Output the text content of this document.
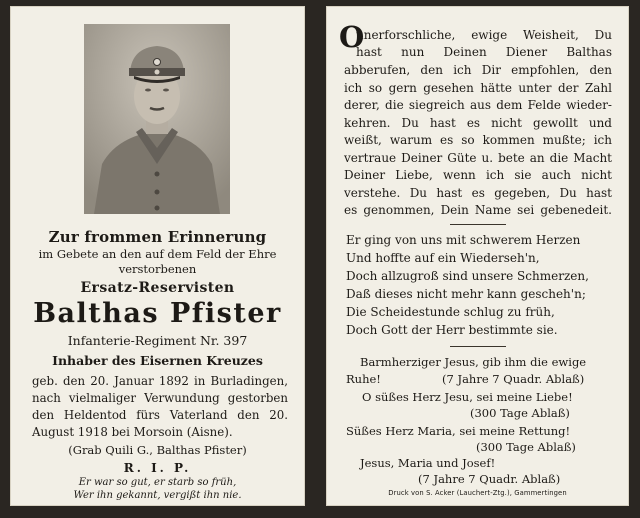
Zur frommen Erinnerung
im Gebete an den auf dem Feld der Ehre
verstorbenen
Ersatz-Reservisten
Balthas Pfister
Infanterie-Regiment Nr. 397
Inhaber des Eisernen Kreuzes
geb. den 20. Januar 1892 in Burladingen,
nach vielmaliger Verwundung gestorben
den Heldentod fürs Vaterland den 20.
August 1918 bei Morsoin (Aisne).
(Grab Quili G., Balthas Pfister)
R. I. P.
Er war so gut, er starb so früh,
Wer ihn gekannt, vergißt ihn nie.
O
unerforschliche, ewige Weisheit, Du
hast nun Deinen Diener Balthas
abberufen, den ich Dir empfohlen, den
ich so gern gesehen hätte unter der Zahl
derer, die siegreich aus dem Felde wieder-
kehren. Du hast es nicht gewollt und
weißt, warum es so kommen mußte; ich
vertraue Deiner Güte u. bete an die Macht
Deiner Liebe, wenn ich sie auch nicht
verstehe. Du hast es gegeben, Du hast
es genommen, Dein Name sei gebenedeit.
Er ging von uns mit schwerem Herzen
Und hoffte auf ein Wiederseh'n,
Doch allzugroß sind unsere Schmerzen,
Daß dieses nicht mehr kann gescheh'n;
Die Scheidestunde schlug zu früh,
Doch Gott der Herr bestimmte sie.
Barmherziger Jesus, gib ihm die ewige
Ruhe!	(7 Jahre 7 Quadr. Ablaß)
O süßes Herz Jesu, sei meine Liebe!
(300 Tage Ablaß)
Süßes Herz Maria, sei meine Rettung!
(300 Tage Ablaß)
Jesus, Maria und Josef!
(7 Jahre 7 Quadr. Ablaß)
Druck von S. Acker (Lauchert-Ztg.), Gammertingen
